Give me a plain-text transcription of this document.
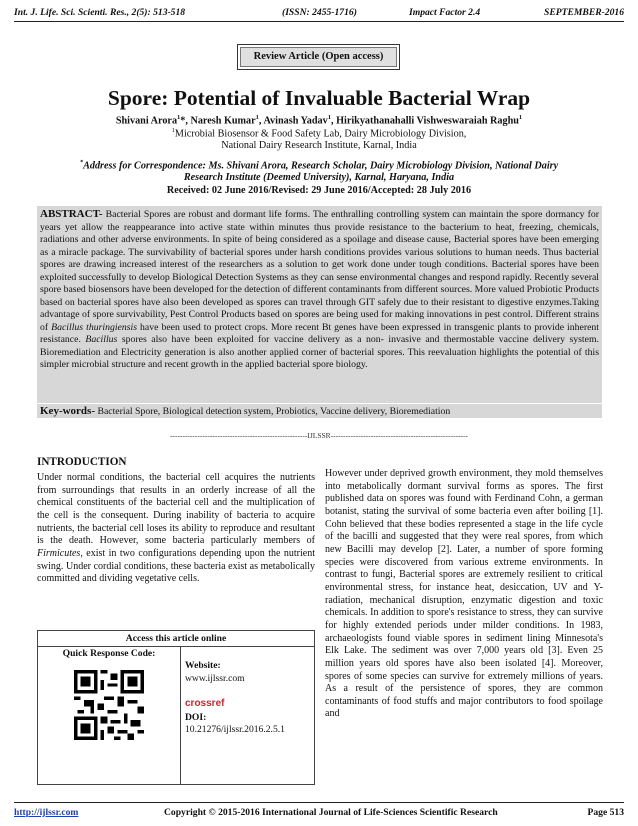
Int. J. Life. Sci. Scienti. Res., 2(5): 513-518	(ISSN: 2455-1716)	Impact Factor 2.4	SEPTEMBER-2016
Review Article (Open access)
Spore: Potential of Invaluable Bacterial Wrap
Shivani Arora$^1$*, Naresh Kumar$^1$, Avinash Yadav$^1$, Hirikyathanahalli Vishweswaraiah Raghu$^1$
$^1$Microbial Biosensor & Food Safety Lab, Dairy Microbiology Division,
National Dairy Research Institute, Karnal, India
*Address for Correspondence: Ms. Shivani Arora, Research Scholar, Dairy Microbiology Division, National Dairy
Research Institute (Deemed University), Karnal, Haryana, India
Received: 02 June 2016/Revised: 29 June 2016/Accepted: 28 July 2016
ABSTRACT- Bacterial Spores are robust and dormant life forms. The enthralling controlling system can maintain the spore dormancy for years yet allow the reappearance into active state within minutes thus provide resistance to the bacterium to heat, freezing, chemicals, radiations and other adverse environments. In spite of being considered as a spoilage and disease cause, Bacterial spores have been emerging as a miracle package. The survivability of bacterial spores under harsh conditions provides various solutions to human needs. Thus bacterial spores are drawing increased interest of the researchers as a solution to get work done under tough conditions. Bacterial spores have been exploited successfully to develop Biological Detection Systems as they can sense environmental changes and respond rapidly. Recently several spore based biosensors have been developed for the detection of different contaminants from different sources. More valued Probiotic Products based on bacterial spores have also been developed as spores can travel through GIT safely due to their resistant to digestive enzymes.Taking advantage of spore survivability, Pest Control Products based on spores are being used for making innovations in pest control. Different strains of Bacillus thuringiensis have been used to protect crops. More recent Bt genes have been expressed in transgenic plants to provide inherent resistance. Bacillus spores also have been exploited for vaccine delivery as a non- invasive and thermostable vaccine delivery system. Bioremediation and Electricity generation is also another applied corner of bacterial spores. This reevaluation highlights the potential of this simpler microbial structure and recent growth in the applied bacterial spore biology.
Key-words- Bacterial Spore, Biological detection system, Probiotics, Vaccine delivery, Bioremediation
-------------------------------------------------------IJLSSR-------------------------------------------------------
INTRODUCTION

Under normal conditions, the bacterial cell acquires the nutrients from surroundings that results in an orderly increase of all the chemical constituents of the bacterial cell and the multiplication of the cell is the consequent. During inability of bacteria to acquire nutrients, the bacterial cell loses its ability to reproduce and resultant is the death. However, some bacteria particularly members of Firmicutes, exist in two configurations depending upon the nutrient swing. Under cordial conditions, these bacteria exist as metabolically committed and dividing vegetative cells.

However under deprived growth environment, they mold themselves into metabolically dormant survival forms as spores. The first published data on spores was found with Ferdinand Cohn, a german botanist, stating the survival of some bacteria even after boiling [1]. Cohn believed that these bodies represented a stage in the life cycle of the bacilli and suggested that they were real spores, from which new Bacilli may develop [2]. Later, a number of spore forming species were discovered from various extreme environments. In contrast to fungi, Bacterial spores are extremely resilient to critical environmental stress, for instance heat, desiccation, UV and Υ- radiation, mechanical disruption, enzymatic digestion and toxic chemicals. In addition to spore's resistance to stress, they can survive for highly extended periods under milder conditions. In 1983, archaeologists found viable spores in sediment lining Minnesota's Elk Lake. The sediment was over 7,000 years old [3]. Even 25 million years old spores have also been isolated [4]. Moreover, spores of some species can survive for extremely millions of years. As a result of the persistence of spores, they are common contaminants of food stuffs and major contributors to food spoilage and

Access this article online
Quick Response Code:
Website:
www.ijlssr.com
crossref
DOI:
10.21276/ijlssr.2016.2.5.1
http://ijlssr.com	Copyright © 2015-2016 International Journal of Life-Sciences Scientific Research	Page 513
